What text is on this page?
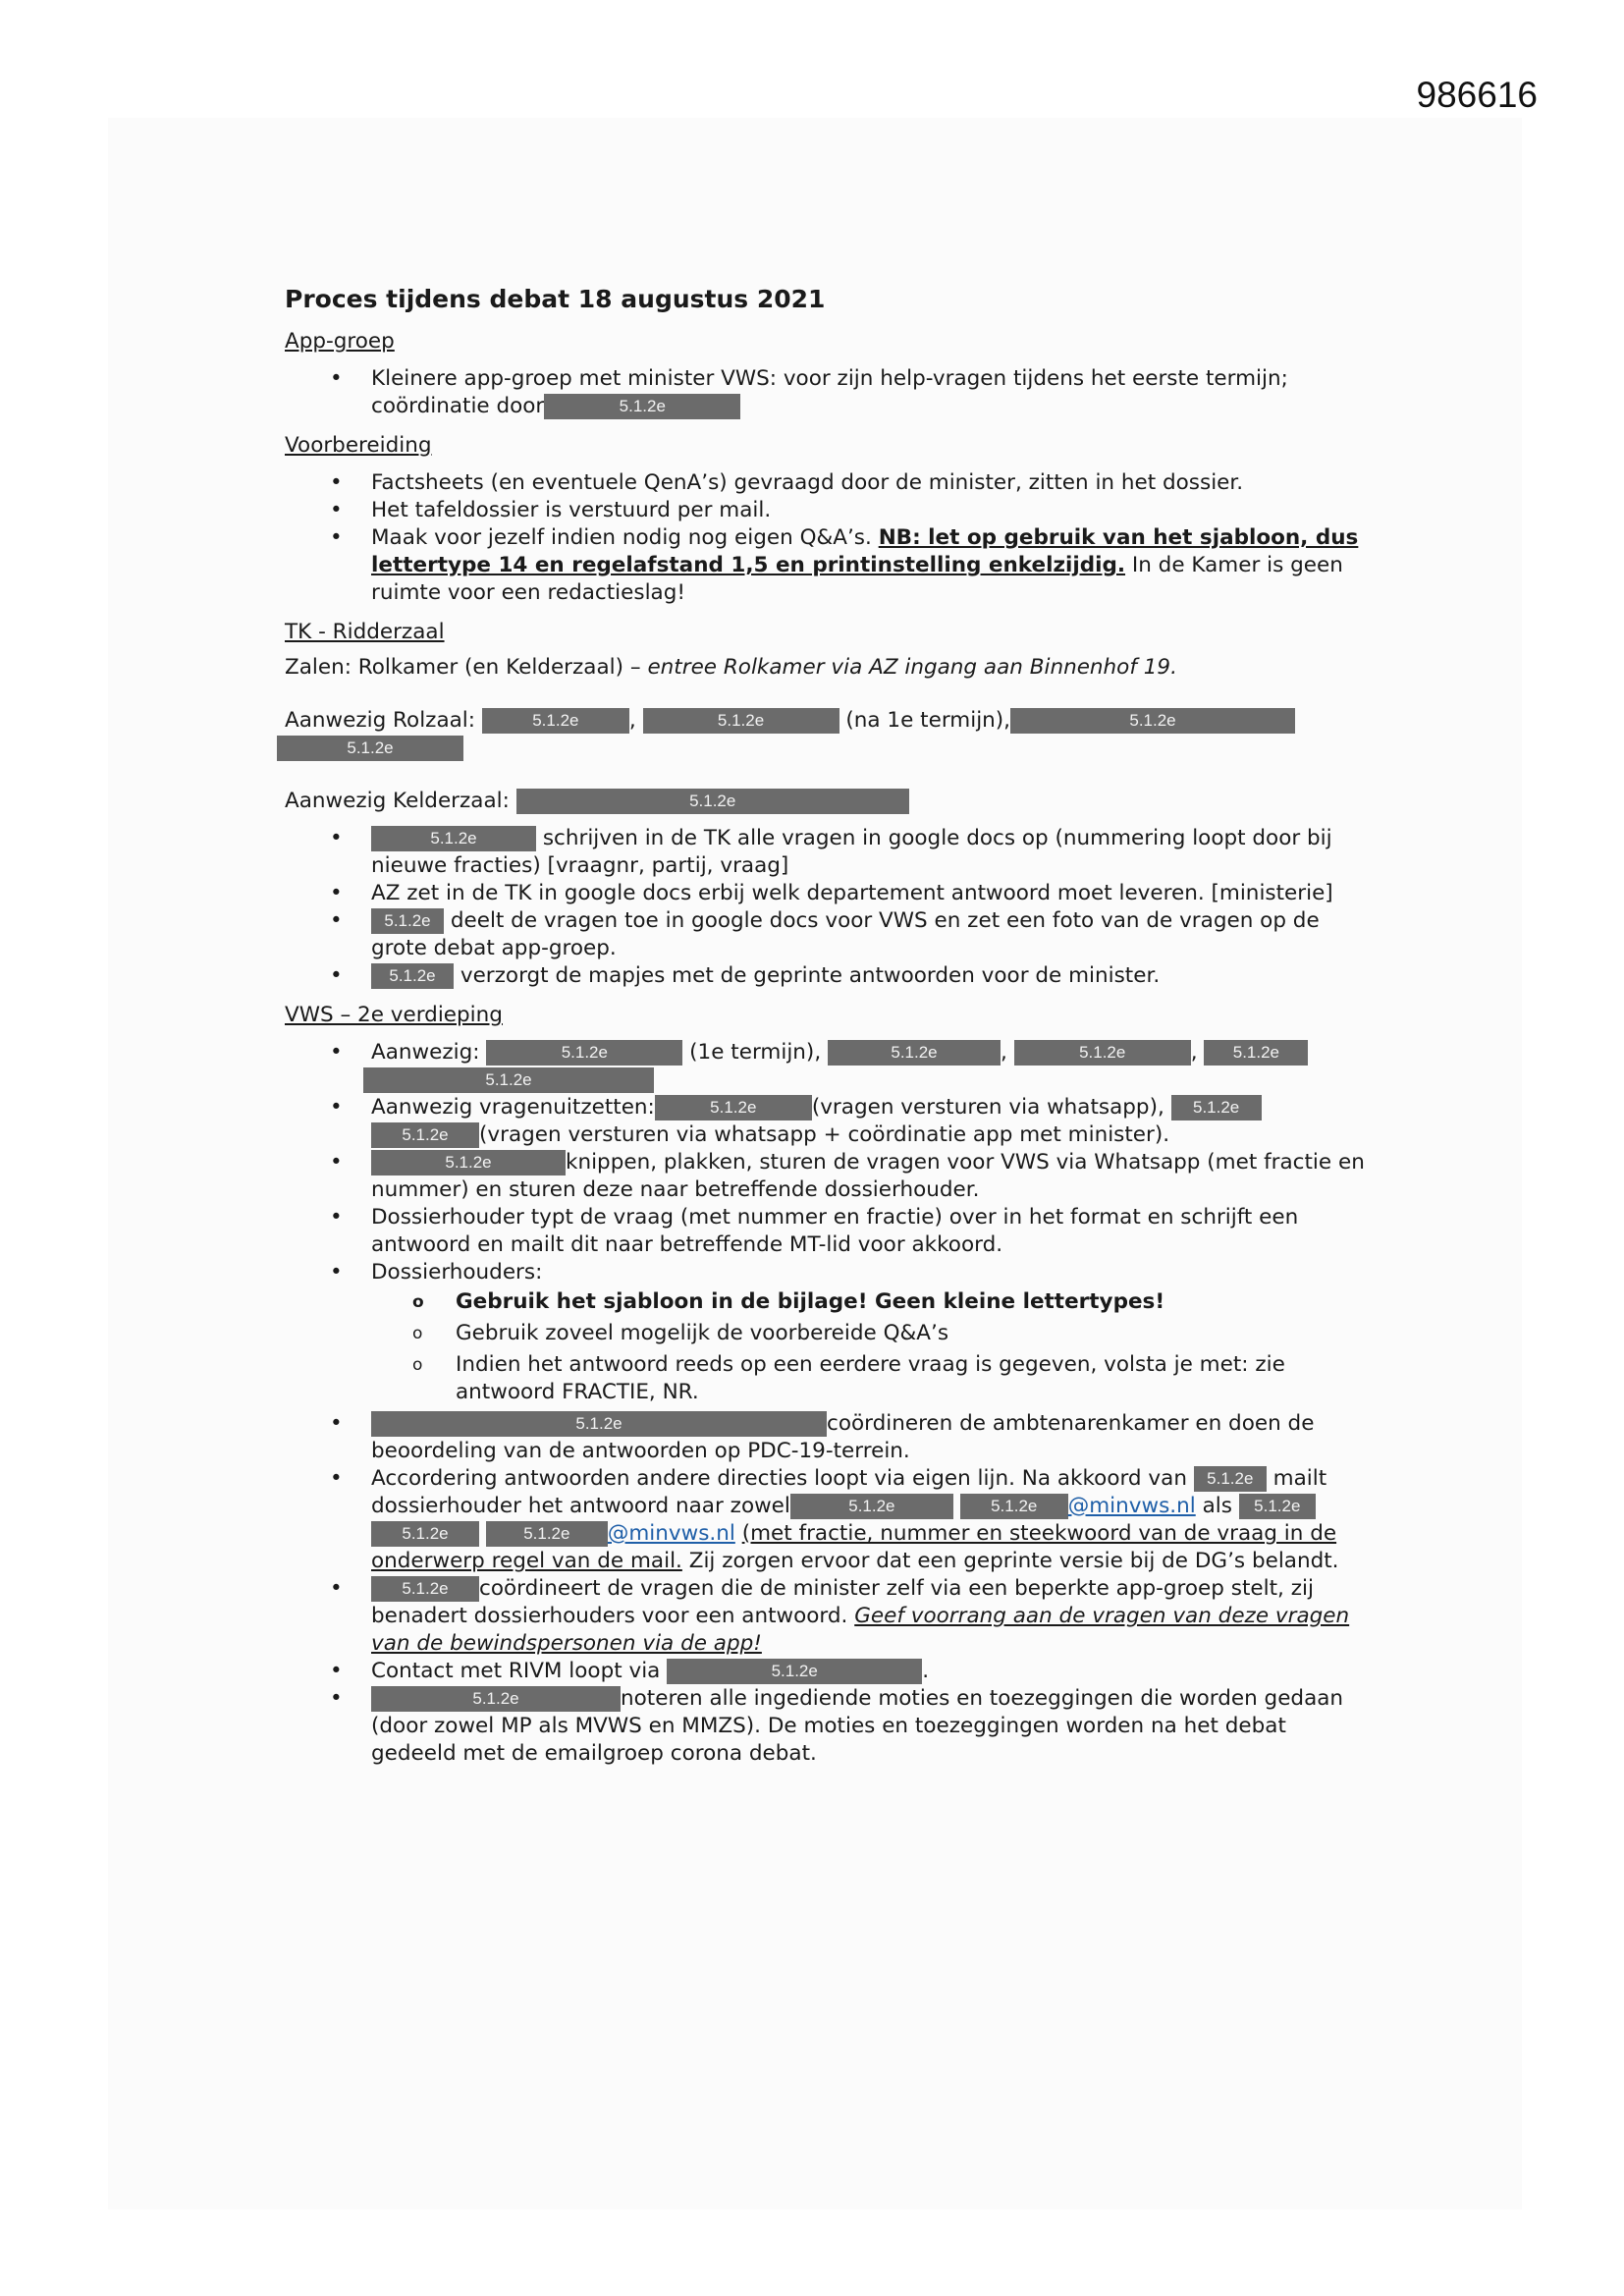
986616
Proces tijdens debat 18 augustus 2021
App-groep
• Kleinere app-groep met minister VWS: voor zijn help-vragen tijdens het eerste termijn; coördinatie door	5.1.2e
Voorbereiding
• Factsheets (en eventuele QenA’s) gevraagd door de minister, zitten in het dossier.
• Het tafeldossier is verstuurd per mail.
• Maak voor jezelf indien nodig nog eigen Q&A’s. NB: let op gebruik van het sjabloon, dus lettertype 14 en regelafstand 1,5 en printinstelling enkelzijdig. In de Kamer is geen ruimte voor een redactieslag!
TK - Ridderzaal

Zalen: Rolkamer (en Kelderzaal) – entree Rolkamer via AZ ingang aan Binnenhof 19.

Aanwezig Rolzaal:	5.1.2e ,	5.1.2e	(na 1e termijn),	5.1.2e
5.1.2e

Aanwezig Kelderzaal:	5.1.2e

• 5.1.2e	schrijven in de TK alle vragen in google docs op (nummering loopt door bij nieuwe fracties) [vraagnr, partij, vraag]
• AZ zet in de TK in google docs erbij welk departement antwoord moet leveren. [ministerie]
• 5.1.2e deelt de vragen toe in google docs voor VWS en zet een foto van de vragen op de grote debat app-groep.
• 5.1.2e verzorgt de mapjes met de geprinte antwoorden voor de minister.
VWS – 2e verdieping
• Aanwezig:	5.1.2e	(1e termijn),	5.1.2e	,	5.1.2e	, 5.1.2e
5.1.2e
• Aanwezig vragenuitzetten:	5.1.2e	(vragen versturen via whatsapp), 5.1.2e
5.1.2e (vragen versturen via whatsapp + coördinatie app met minister).
• 5.1.2e	knippen, plakken, sturen de vragen voor VWS via Whatsapp (met fractie en nummer) en sturen deze naar betreffende dossierhouder.
• Dossierhouder typt de vraag (met nummer en fractie) over in het format en schrijft een antwoord en mailt dit naar betreffende MT-lid voor akkoord.
• Dossierhouders:
o Gebruik het sjabloon in de bijlage! Geen kleine lettertypes!
o Gebruik zoveel mogelijk de voorbereide Q&A’s
o Indien het antwoord reeds op een eerdere vraag is gegeven, volsta je met: zie antwoord FRACTIE, NR.
• 5.1.2e	coördineren de ambtenarenkamer en doen de beoordeling van de antwoorden op PDC-19-terrein.
• Accordering antwoorden andere directies loopt via eigen lijn. Na akkoord van 5.1.2e mailt dossierhouder het antwoord naar zowel	5.1.2e	5.1.2e @minvws.nl als 5.1.2e 5.1.2e	5.1.2e @minvws.nl (met fractie, nummer en steekwoord van de vraag in de onderwerp regel van de mail. Zij zorgen ervoor dat een geprinte versie bij de DG’s belandt.
• 5.1.2e coördineert de vragen die de minister zelf via een beperkte app-groep stelt, zij benadert dossierhouders voor een antwoord. Geef voorrang aan de vragen van deze vragen van de bewindspersonen via de app!
• Contact met RIVM loopt via	5.1.2e	.
• 5.1.2e	noteren alle ingediende moties en toezeggingen die worden gedaan (door zowel MP als MVWS en MMZS). De moties en toezeggingen worden na het debat gedeeld met de emailgroep corona debat.
